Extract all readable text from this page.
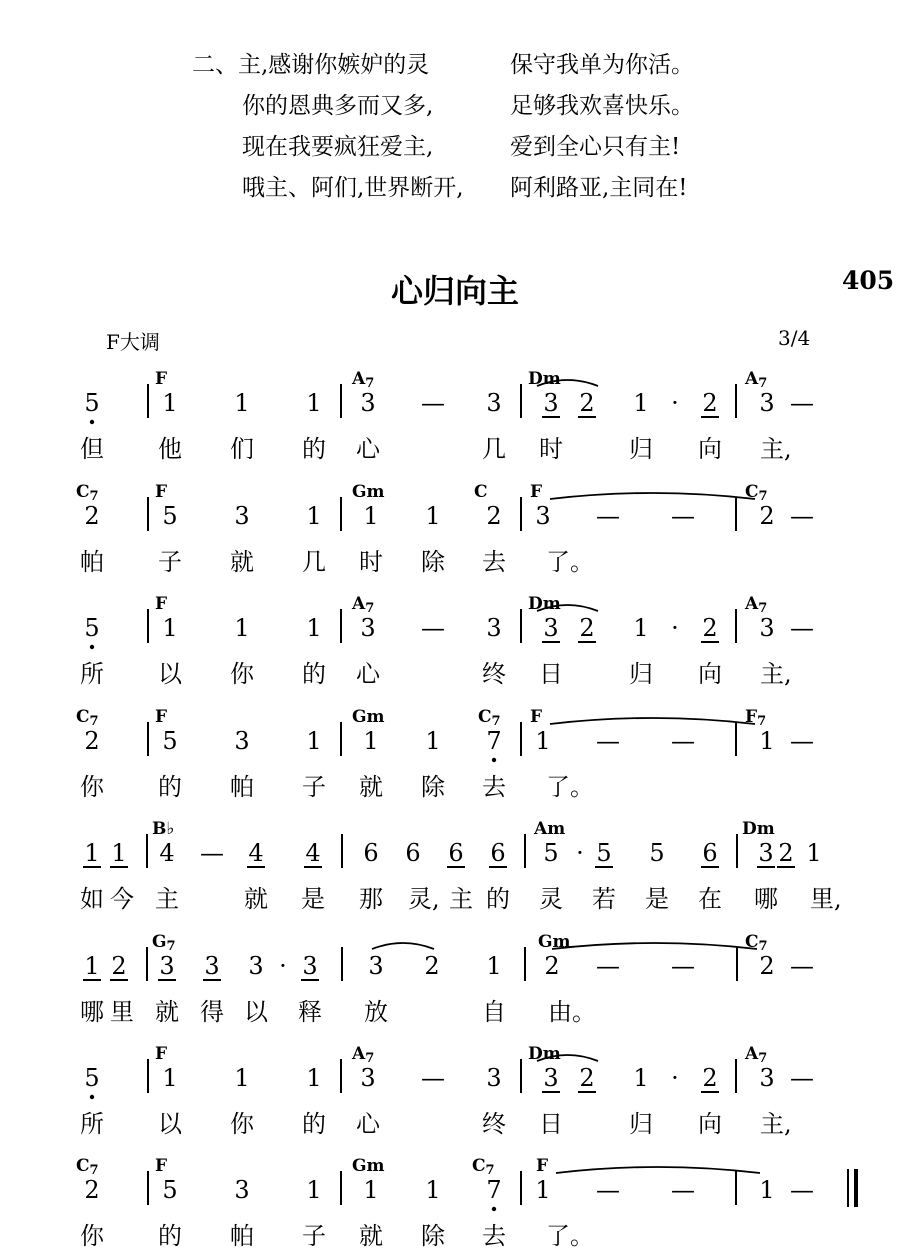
二、主,感谢你嫉妒的灵	保守我单为你活。
你的恩典多而又多,	足够我欢喜快乐。
现在我要疯狂爱主,	爱到全心只有主!
哦主、阿们,世界断开, 阿利路亚,主同在!
心归向主	405
F大调	3/4
F	A7	Dm	A7
5	1 1 1 3 — 3 3 2 1 · 2 3 —
但 他 们 的 心	几 时	归 向 主,
C7	F	Gm	C F	C7
2	5 3 1 1 1 2 3 — —	2 —
帕 子 就 几 时 除 去 了。
F	A7	Dm	A7
5	1 1 1 3 — 3 3 2 1 · 2 3 —
所 以 你 的 心	终 日	归 向 主,
C7	F	Gm	C7 F	F7
2	5 3 1 1 1 7 1 — —	1 —
你 的 帕 子 就 除 去 了。
B♭	Am	Dm
1 1 4 — 4 4 6 6 6 6 5 · 5 5 6 3 2 1
如 今 主	就 是 那 灵, 主 的 灵 若 是 在 哪 里,
G7	Gm	C7
1 2 3 3 3 · 3 3 2 1 2 — —	2 —
哪 里 就 得 以 释 放	自 由。
F	A7	Dm	A7
5	1 1 1 3 — 3 3 2 1 · 2 3 —
所 以 你 的 心	终 日	归 向 主,
C7	F	Gm	C7 F
2	5 3 1 1 1 7 1 — —	1 —
你 的 帕 子 就 除 去 了。
